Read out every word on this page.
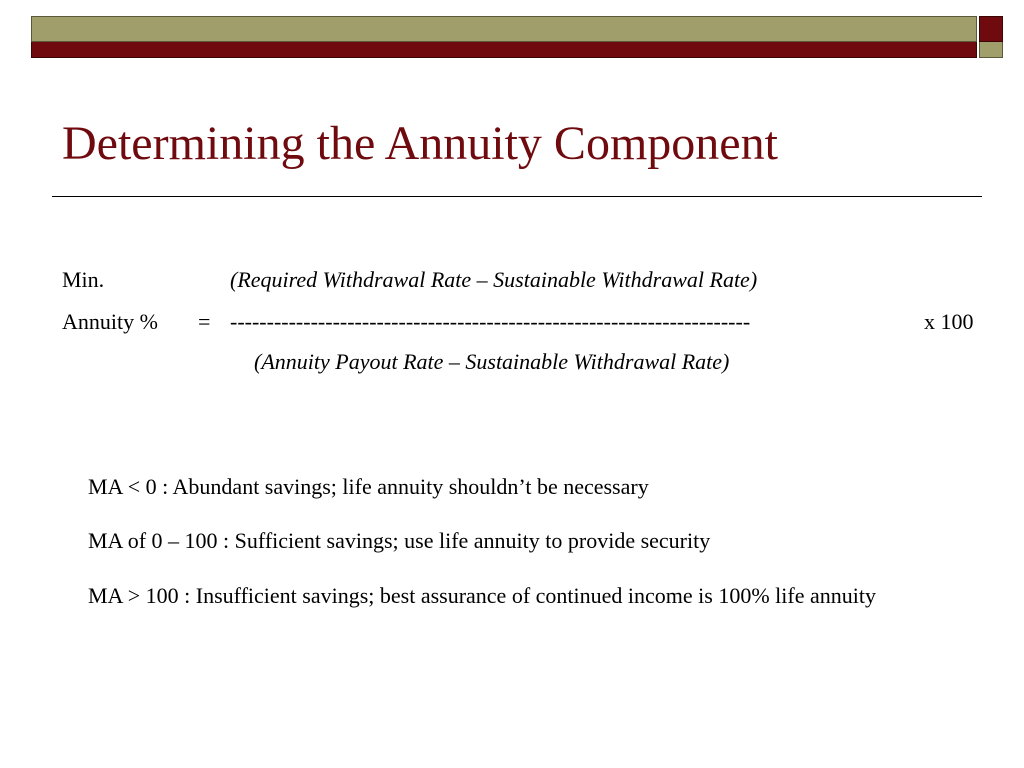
Determining the Annuity Component
Min.	(Required Withdrawal Rate – Sustainable Withdrawal Rate)
Annuity % = -----------------------------------------------------------------------	x 100
(Annuity Payout Rate – Sustainable Withdrawal Rate)

MA < 0 : Abundant savings; life annuity shouldn’t be necessary

MA of 0 – 100 : Sufficient savings; use life annuity to provide security

MA > 100 : Insufficient savings; best assurance of continued income is 100% life annuity
